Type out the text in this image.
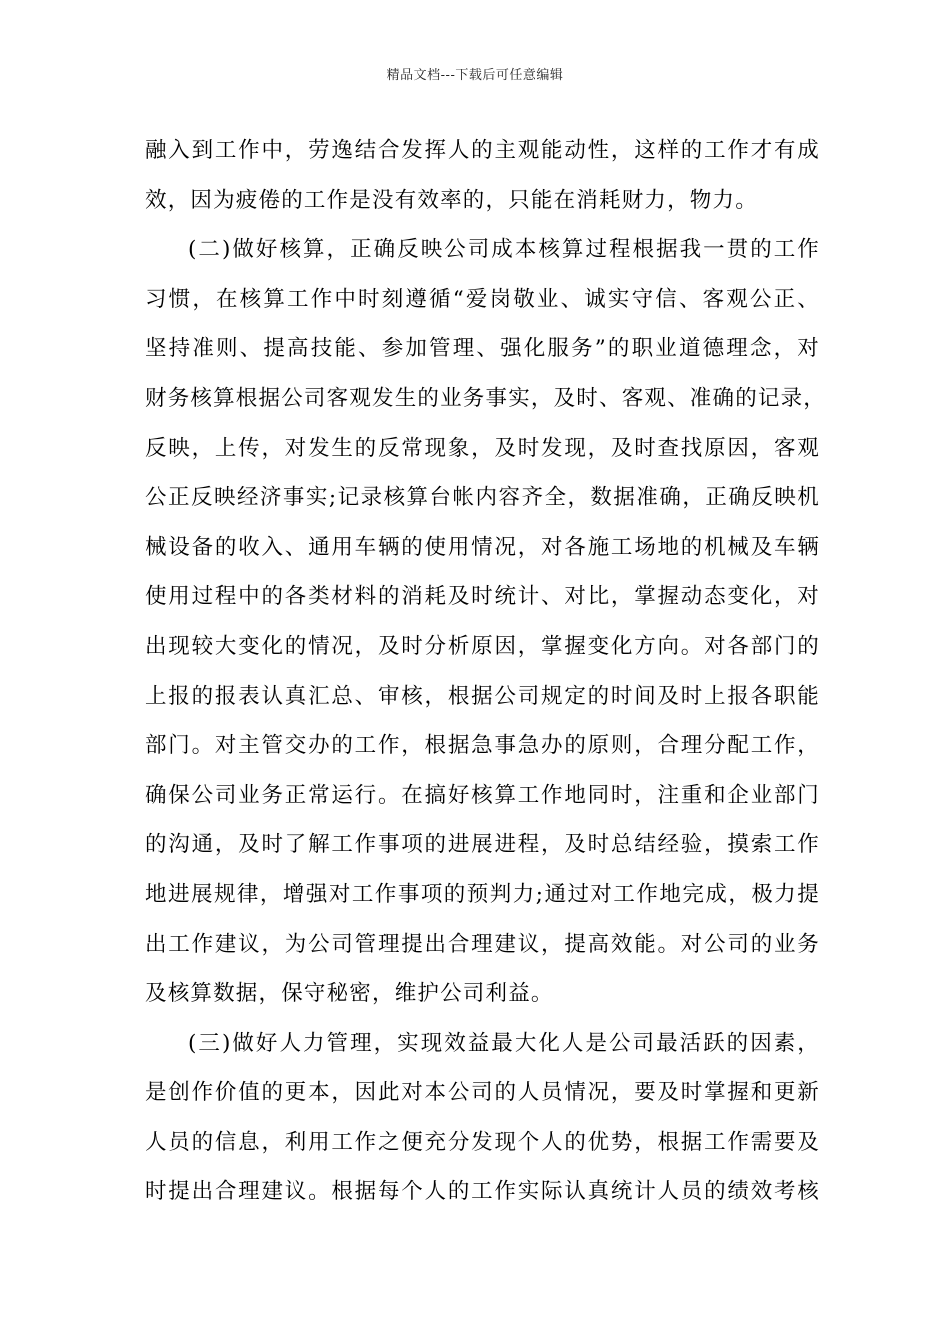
精品文档---下载后可任意编辑
融入到工作中，劳逸结合发挥人的主观能动性，这样的工作才有成
效，因为疲倦的工作是没有效率的，只能在消耗财力，物力。
(二)做好核算，正确反映公司成本核算过程根据我一贯的工作
习惯，在核算工作中时刻遵循“爱岗敬业、诚实守信、客观公正、
坚持准则、提高技能、参加管理、强化服务”的职业道德理念，对
财务核算根据公司客观发生的业务事实，及时、客观、准确的记录，
反映，上传，对发生的反常现象，及时发现，及时查找原因，客观
公正反映经济事实;记录核算台帐内容齐全，数据准确，正确反映机
械设备的收入、通用车辆的使用情况，对各施工场地的机械及车辆
使用过程中的各类材料的消耗及时统计、对比，掌握动态变化，对
出现较大变化的情况，及时分析原因，掌握变化方向。对各部门的
上报的报表认真汇总、审核，根据公司规定的时间及时上报各职能
部门。对主管交办的工作，根据急事急办的原则，合理分配工作，
确保公司业务正常运行。在搞好核算工作地同时，注重和企业部门
的沟通，及时了解工作事项的进展进程，及时总结经验，摸索工作
地进展规律，增强对工作事项的预判力;通过对工作地完成，极力提
出工作建议，为公司管理提出合理建议，提高效能。对公司的业务
及核算数据，保守秘密，维护公司利益。
(三)做好人力管理，实现效益最大化人是公司最活跃的因素，
是创作价值的更本，因此对本公司的人员情况，要及时掌握和更新
人员的信息，利用工作之便充分发现个人的优势，根据工作需要及
时提出合理建议。根据每个人的工作实际认真统计人员的绩效考核
